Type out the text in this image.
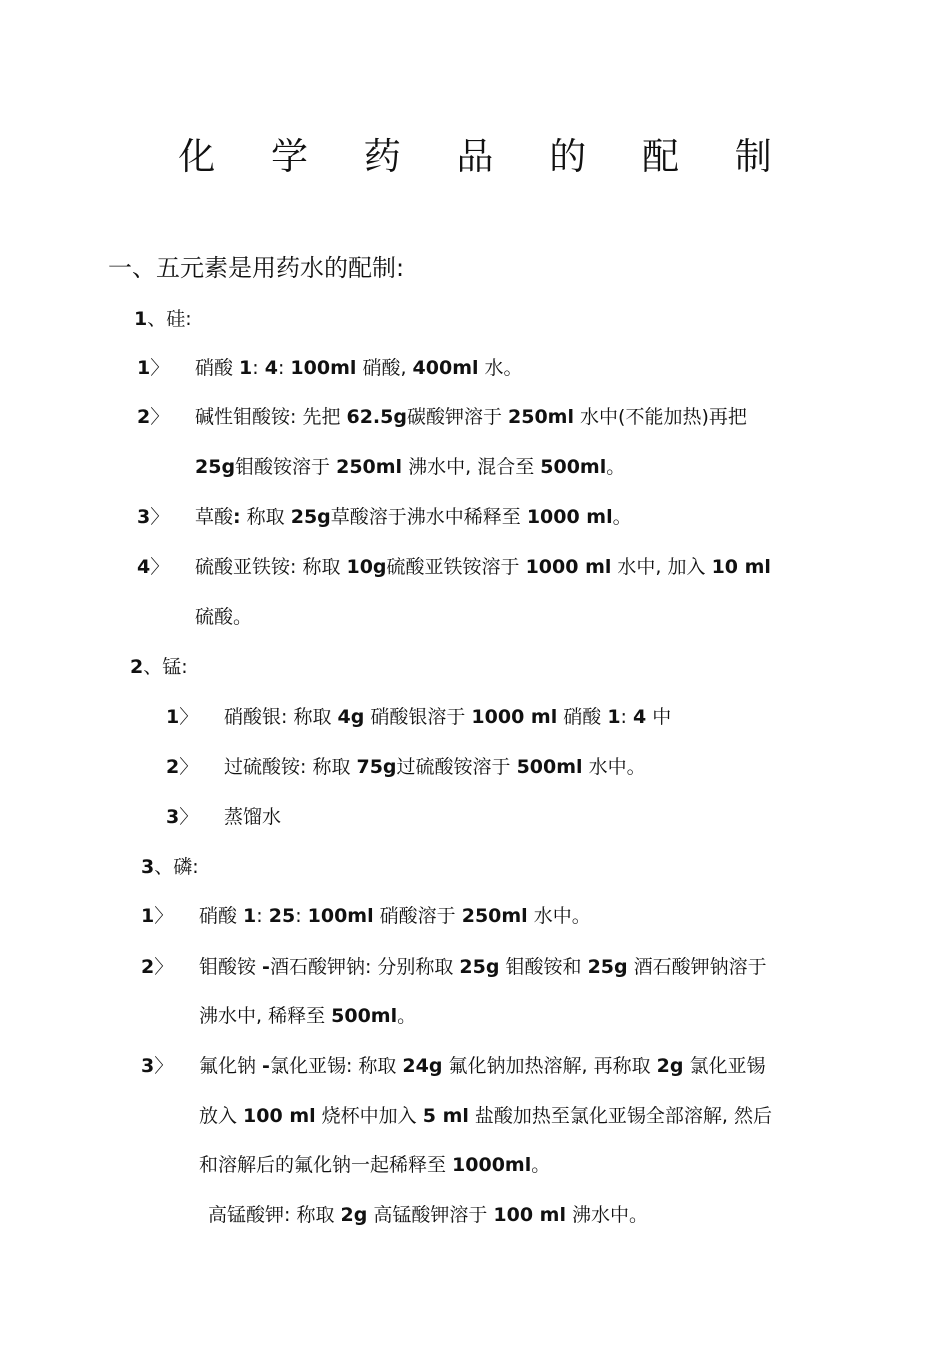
化 学 药 品 的 配 制
一、五元素是用药水的配制:
1、硅:
1〉 硝酸 1: 4: 100ml 硝酸, 400ml 水。
2〉 碱性钼酸铵: 先把 62.5g碳酸钾溶于 250ml 水中(不能加热)再把
25g钼酸铵溶于 250ml 沸水中, 混合至 500ml。
3〉 草酸: 称取 25g草酸溶于沸水中稀释至 1000 ml。
4〉 硫酸亚铁铵: 称取 10g硫酸亚铁铵溶于 1000 ml 水中, 加入 10 ml
硫酸。
2、锰:
1〉 硝酸银: 称取 4g 硝酸银溶于 1000 ml 硝酸 1: 4 中
2〉 过硫酸铵: 称取 75g过硫酸铵溶于 500ml 水中。
3〉 蒸馏水
3、磷:
1〉 硝酸 1: 25: 100ml 硝酸溶于 250ml 水中。
2〉 钼酸铵 -酒石酸钾钠: 分别称取 25g 钼酸铵和 25g 酒石酸钾钠溶于
沸水中, 稀释至 500ml。
3〉 氟化钠 -氯化亚锡: 称取 24g 氟化钠加热溶解, 再称取 2g 氯化亚锡
放入 100 ml 烧杯中加入 5 ml 盐酸加热至氯化亚锡全部溶解, 然后
和溶解后的氟化钠一起稀释至 1000ml。
高锰酸钾: 称取 2g 高锰酸钾溶于 100 ml 沸水中。
